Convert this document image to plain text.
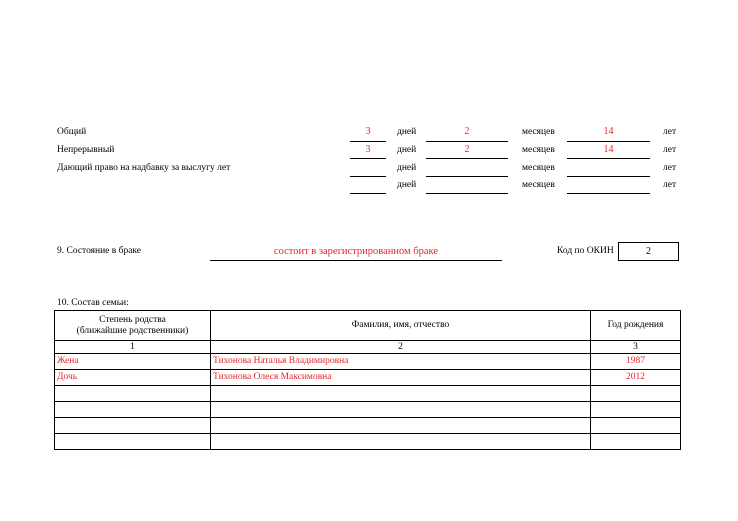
Общий	3	дней	2	месяцев	14	лет
Непрерывный	3	дней	2	месяцев	14	лет
Дающий право на надбавку за выслугу лет	дней	месяцев	лет
дней	месяцев	лет
9. Состояние в браке	состоит в зарегистрированном браке	Код по ОКИН	2
10. Состав семьи:
Степень родства
(ближайшие родственники)	Фамилия, имя, отчество	Год рождения
1	2	3
Жена	Тихонова Наталья Владимировна	1987
Дочь	Тихонова Олеся Максимовна	2012
